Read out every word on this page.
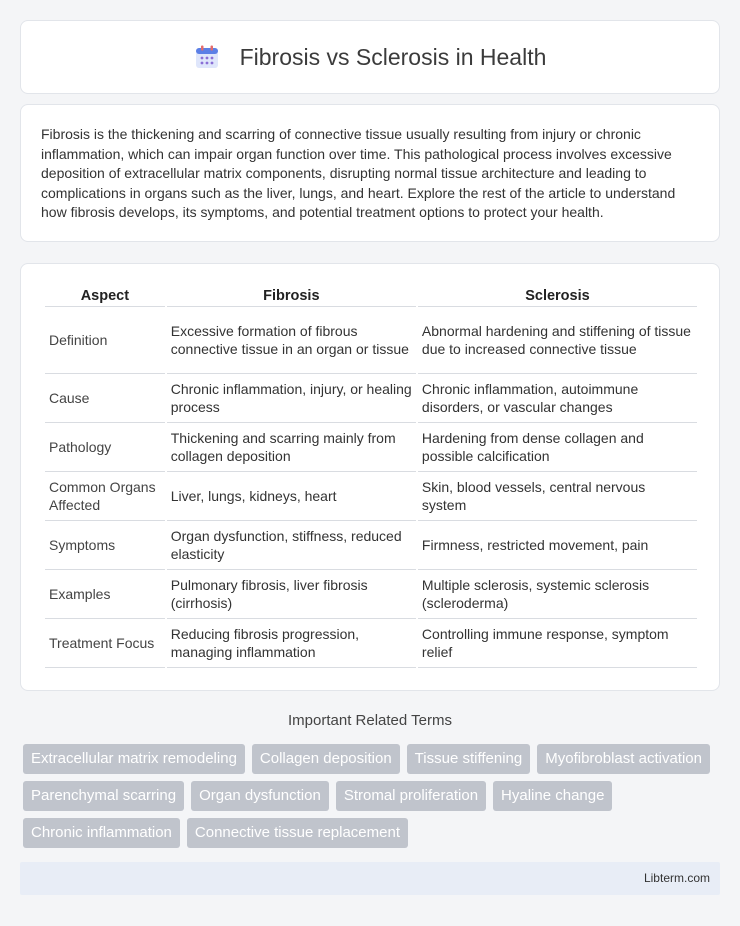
Fibrosis vs Sclerosis in Health

Fibrosis is the thickening and scarring of connective tissue usually resulting from injury or chronic inflammation, which can impair organ function over time. This pathological process involves excessive deposition of extracellular matrix components, disrupting normal tissue architecture and leading to complications in organs such as the liver, lungs, and heart. Explore the rest of the article to understand how fibrosis develops, its symptoms, and potential treatment options to protect your health.

Aspect	Fibrosis	Sclerosis
Definition	Excessive formation of fibrous connective tissue in an organ or tissue	Abnormal hardening and stiffening of tissue due to increased connective tissue
Cause	Chronic inflammation, injury, or healing process	Chronic inflammation, autoimmune disorders, or vascular changes
Pathology	Thickening and scarring mainly from collagen deposition	Hardening from dense collagen and possible calcification
Common Organs Affected	Liver, lungs, kidneys, heart	Skin, blood vessels, central nervous system
Symptoms	Organ dysfunction, stiffness, reduced elasticity	Firmness, restricted movement, pain
Examples	Pulmonary fibrosis, liver fibrosis (cirrhosis)	Multiple sclerosis, systemic sclerosis (scleroderma)
Treatment Focus	Reducing fibrosis progression, managing inflammation	Controlling immune response, symptom relief
Important Related Terms
Extracellular matrix remodeling	Collagen deposition	Tissue stiffening	Myofibroblast activation
Parenchymal scarring	Organ dysfunction	Stromal proliferation	Hyaline change
Chronic inflammation	Connective tissue replacement
Libterm.com
